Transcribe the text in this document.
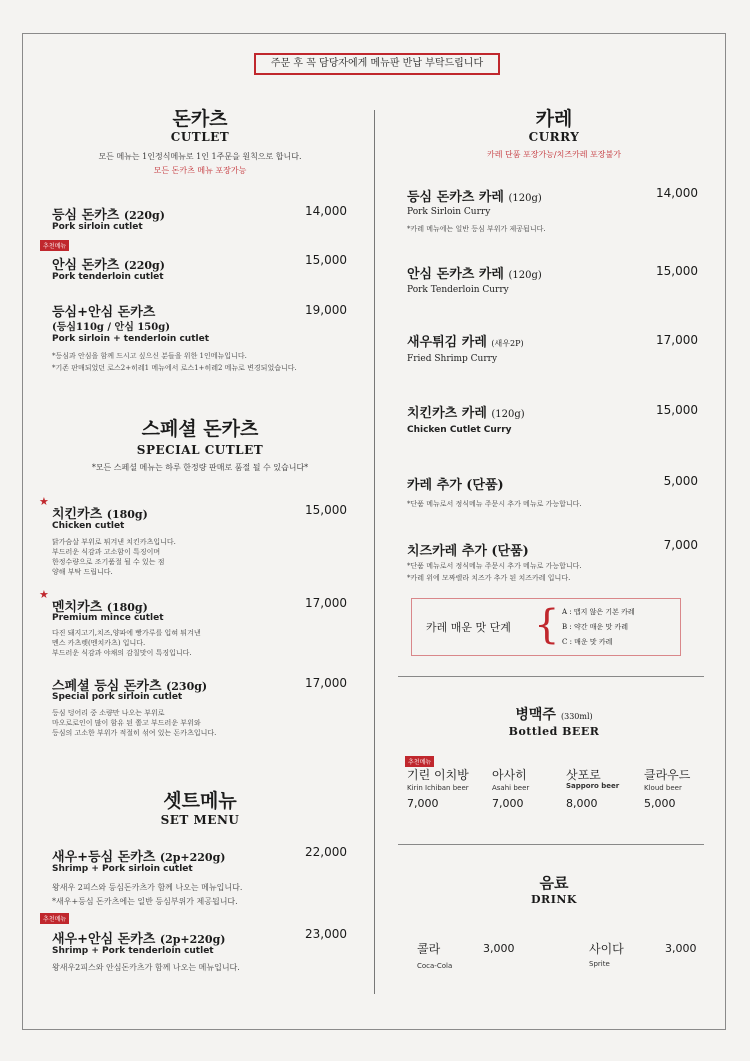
주문 후 꼭 담당자에게 메뉴판 반납 부탁드립니다
돈카츠
CUTLET
모든 메뉴는 1인정식메뉴로 1인 1주문을 원칙으로 합니다.
모든 돈카츠 메뉴 포장가능
등심 돈카츠 (220g)
Pork sirloin cutlet
14,000
추천메뉴
안심 돈카츠 (220g)
Pork tenderloin cutlet
15,000
등심+안심 돈카츠
(등심110g / 안심 150g)
Pork sirloin + tenderloin cutlet
19,000
*등심과 안심을 함께 드시고 싶으신 분들을 위한 1인메뉴입니다.
*기존 판매되었던 로스2+히레1 메뉴에서 로스1+히레2 메뉴로 변경되었습니다.
스페셜 돈카츠
SPECIAL CUTLET
*모든 스페셜 메뉴는 하루 한정량 판매로 품절 될 수 있습니다*
★
치킨카츠 (180g)
Chicken cutlet
15,000
닭가슴살 부위로 튀겨낸 치킨카츠입니다.
부드러운 식감과 고소함이 특징이며
한정수량으로 조기품절 될 수 있는 점
양해 부탁 드립니다.
★
멘치카츠 (180g)
Premium mince cutlet
17,000
다진 돼지고기,치즈,양파에 빵가루를 입혀 튀겨낸
멘스 카츠렛(멘치카츠) 입니다.
부드러운 식감과 야채의 감칠맛이 특징입니다.
스페셜 등심 돈카츠 (230g)
Special pork sirloin cutlet
17,000
등심 덩어리 중 소량만 나오는 부위로
마오로로인이 많이 함유 된 쫄고 부드러운 부위와
등심의 고소한 부위가 적절히 섞여 있는 돈카츠입니다.
셋트메뉴
SET MENU
새우+등심 돈카츠 (2p+220g)
Shrimp + Pork sirloin cutlet
22,000
왕새우 2피스와 등심돈카츠가 함께 나오는 메뉴입니다.
*새우+등심 돈카츠에는 일반 등심부위가 제공됩니다.
추천메뉴
새우+안심 돈카츠 (2p+220g)
Shrimp + Pork tenderloin cutlet
23,000
왕새우2피스와 안심돈카츠가 함께 나오는 메뉴입니다.
카레
CURRY
카레 단품 포장가능/치즈카레 포장불가
등심 돈카츠 카레 (120g)
Pork Sirloin Curry
*카레 메뉴에는 일반 등심 부위가 제공됩니다.
14,000
안심 돈카츠 카레 (120g)
Pork Tenderloin Curry
15,000
새우튀김 카레 (새우2P)
Fried Shrimp Curry
17,000
치킨카츠 카레 (120g)
Chicken Cutlet Curry
15,000
카레 추가 (단품)
*단품 메뉴로서 정식메뉴 주문시 추가 메뉴로 가능합니다.
5,000
치즈카레 추가 (단품)
*단품 메뉴로서 정식메뉴 주문시 추가 메뉴로 가능합니다.
*카레 위에 모짜렐라 치즈가 추가 된 치즈카레 입니다.
7,000
카레 매운 맛 단계 { A : 맵지 않은 기본 카레
B : 약간 매운 맛 카레
C : 매운 맛 카레
병맥주 (330ml)
Bottled BEER
추천메뉴
기린 이치방
Kirin Ichiban beer
7,000
아사히
Asahi beer
7,000
삿포로
Sapporo beer
8,000
클라우드
Kloud beer
5,000
음료
DRINK
콜라
Coca-Cola
3,000	사이다
Sprite
3,000
